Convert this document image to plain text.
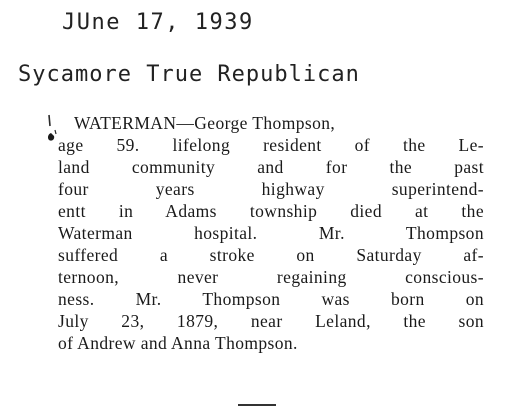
JUne 17, 1939
Sycamore True Republican

WATERMAN—George Thompson,

age 59. lifelong resident of the Le-

land community and for the past

four years highway superintend-

entt in Adams township died at the

Waterman hospital. Mr. Thompson

suffered a stroke on Saturday af-

ternoon, never regaining conscious-

ness. Mr. Thompson was born on

July 23, 1879, near Leland, the son

of Andrew and Anna Thompson.
